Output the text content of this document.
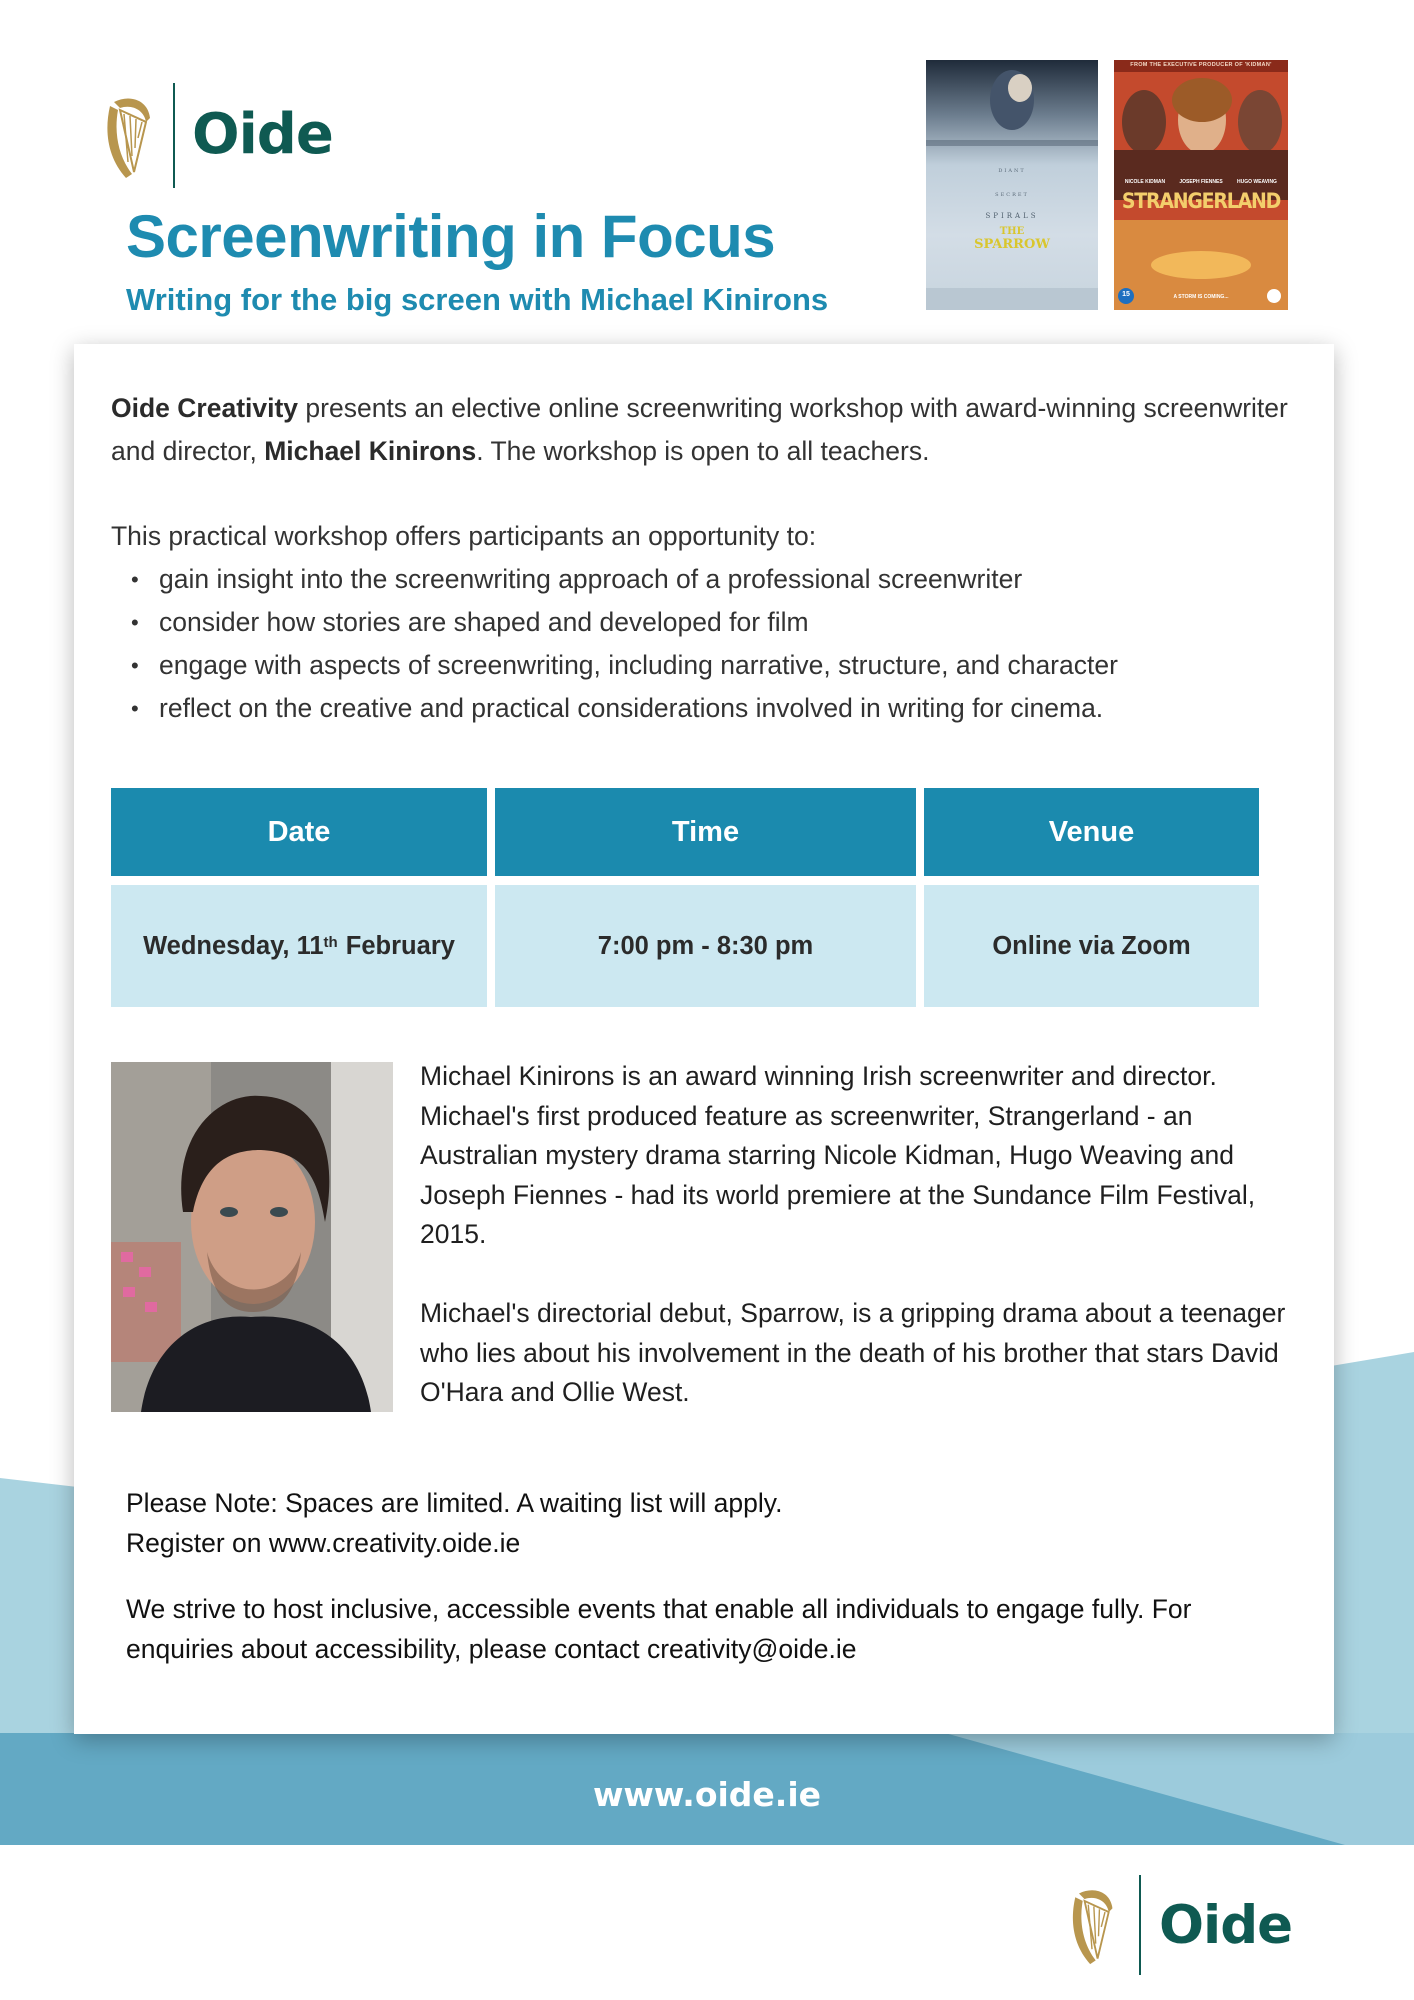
Oide
Screenwriting in Focus
Writing for the big screen with Michael Kinirons
DIANT
SECRET
SPIRALS
THE
SPARROW
FROM THE EXECUTIVE PRODUCER OF 'KIDMAN'
NICOLE KIDMAN	JOSEPH FIENNES	HUGO WEAVING
STRANGERLAND
15	A STORM IS COMING...

Oide Creativity presents an elective online screenwriting workshop with award-winning screenwriter and director, Michael Kinirons. The workshop is open to all teachers.

This practical workshop offers participants an opportunity to:

• gain insight into the screenwriting approach of a professional screenwriter
• consider how stories are shaped and developed for film
• engage with aspects of screenwriting, including narrative, structure, and character
• reflect on the creative and practical considerations involved in writing for cinema.
Date	Time	Venue
Wednesday, 11th February	7:00 pm - 8:30 pm	Online via Zoom

Michael Kinirons is an award winning Irish screenwriter and director. Michael's first produced feature as screenwriter, Strangerland - an Australian mystery drama starring Nicole Kidman, Hugo Weaving and Joseph Fiennes - had its world premiere at the Sundance Film Festival, 2015.

Michael's directorial debut, Sparrow, is a gripping drama about a teenager who lies about his involvement in the death of his brother that stars David O'Hara and Ollie West.

Please Note: Spaces are limited. A waiting list will apply.
Register on www.creativity.oide.ie

We strive to host inclusive, accessible events that enable all individuals to engage fully. For enquiries about accessibility, please contact creativity@oide.ie

www.oide.ie
Oide
